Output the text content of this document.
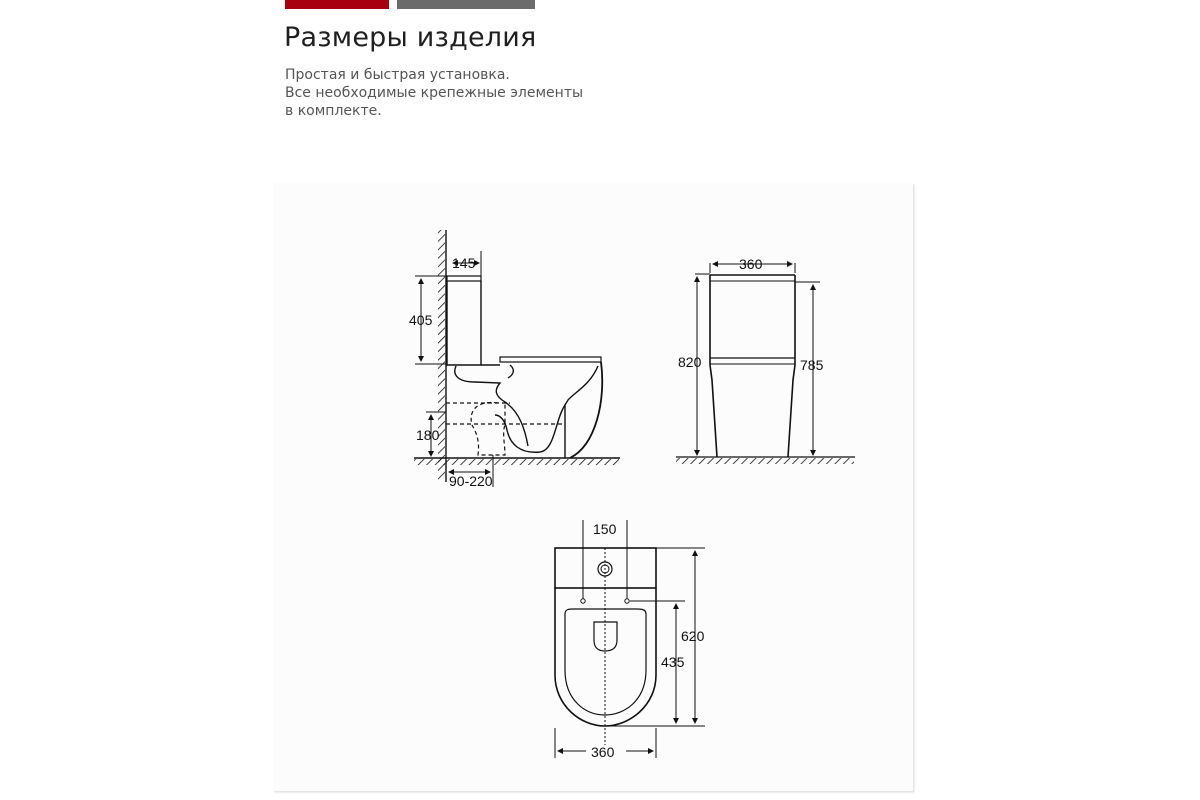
Размеры изделия

Простая и быстрая установка.
Все необходимые крепежные элементы
в комплекте.

145
405
180
90-220
360
820	785
150
620
435
360
